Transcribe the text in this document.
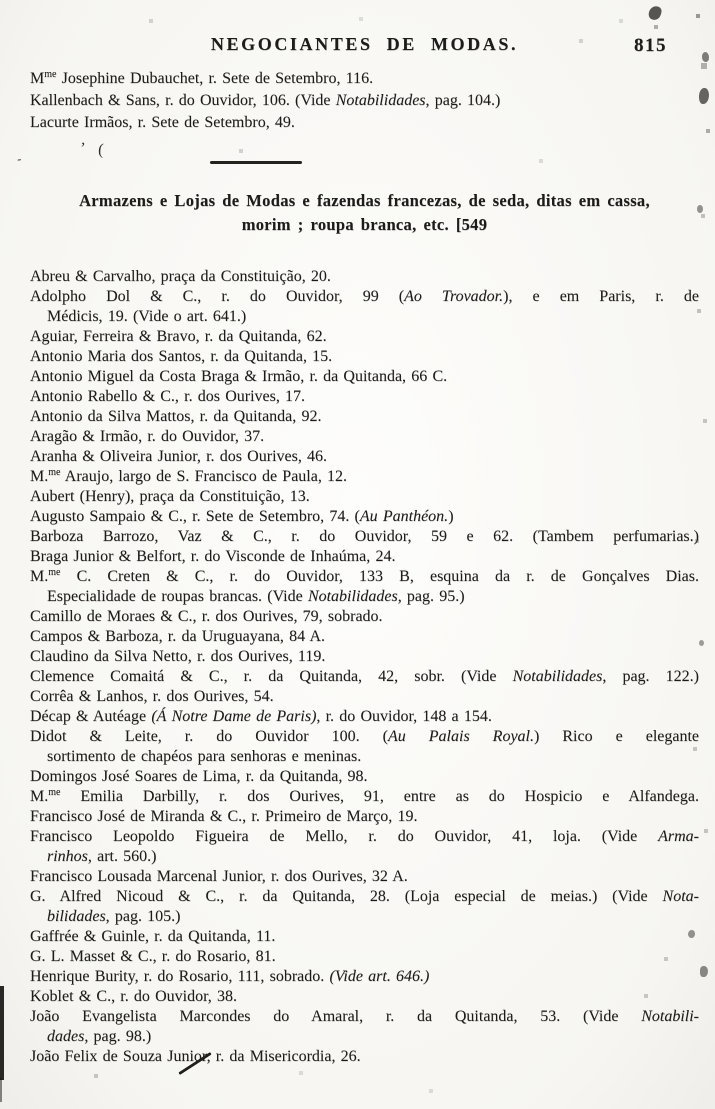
NEGOCIANTES DE MODAS.	815
$M^{me}$ Josephine Dubauchet, r. Sete de Setembro, 116.
Kallenbach & Sans, r. do Ouvidor, 106. (Vide Notabilidades, pag. 104.)
Lacurte Irmãos, r. Sete de Setembro, 49.
Armazens e Lojas de Modas e fazendas francezas, de seda, ditas em cassa,
morim ; roupa branca, etc. [549
Abreu & Carvalho, praça da Constituição, 20.
Adolpho Dol & C., r. do Ouvidor, 99 (Ao Trovador.), e em Paris, r. de
Médicis, 19. (Vide o art. 641.)
Aguiar, Ferreira & Bravo, r. da Quitanda, 62.
Antonio Maria dos Santos, r. da Quitanda, 15.
Antonio Miguel da Costa Braga & Irmão, r. da Quitanda, 66 C.
Antonio Rabello & C., r. dos Ourives, 17.
Antonio da Silva Mattos, r. da Quitanda, 92.
Aragão & Irmão, r. do Ouvidor, 37.
Aranha & Oliveira Junior, r. dos Ourives, 46.
M.$^{me}$ Araujo, largo de S. Francisco de Paula, 12.
Aubert (Henry), praça da Constituição, 13.
Augusto Sampaio & C., r. Sete de Setembro, 74. (Au Panthéon.)
Barboza Barrozo, Vaz & C., r. do Ouvidor, 59 e 62. (Tambem perfumarias.)
Braga Junior & Belfort, r. do Visconde de Inhaúma, 24.
M.$^{me}$ C. Creten & C., r. do Ouvidor, 133 B, esquina da r. de Gonçalves Dias.
Especialidade de roupas brancas. (Vide Notabilidades, pag. 95.)
Camillo de Moraes & C., r. dos Ourives, 79, sobrado.
Campos & Barboza, r. da Uruguayana, 84 A.
Claudino da Silva Netto, r. dos Ourives, 119.
Clemence Comaitá & C., r. da Quitanda, 42, sobr. (Vide Notabilidades, pag. 122.)
Corrêa & Lanhos, r. dos Ourives, 54.
Décap & Autéage (Á Notre Dame de Paris), r. do Ouvidor, 148 a 154.
Didot & Leite, r. do Ouvidor 100. (Au Palais Royal.) Rico e elegante
sortimento de chapéos para senhoras e meninas.
Domingos José Soares de Lima, r. da Quitanda, 98.
M.$^{me}$ Emilia Darbilly, r. dos Ourives, 91, entre as do Hospicio e Alfandega.
Francisco José de Miranda & C., r. Primeiro de Março, 19.
Francisco Leopoldo Figueira de Mello, r. do Ouvidor, 41, loja. (Vide Arma-
rinhos, art. 560.)
Francisco Lousada Marcenal Junior, r. dos Ourives, 32 A.
G. Alfred Nicoud & C., r. da Quitanda, 28. (Loja especial de meias.) (Vide Nota-
bilidades, pag. 105.)
Gaffrée & Guinle, r. da Quitanda, 11.
G. L. Masset & C., r. do Rosario, 81.
Henrique Burity, r. do Rosario, 111, sobrado. (Vide art. 646.)
Koblet & C., r. do Ouvidor, 38.
João Evangelista Marcondes do Amaral, r. da Quitanda, 53. (Vide Notabili-
dades, pag. 98.)
João Felix de Souza Junior, r. da Misericordia, 26.
-	’ (
